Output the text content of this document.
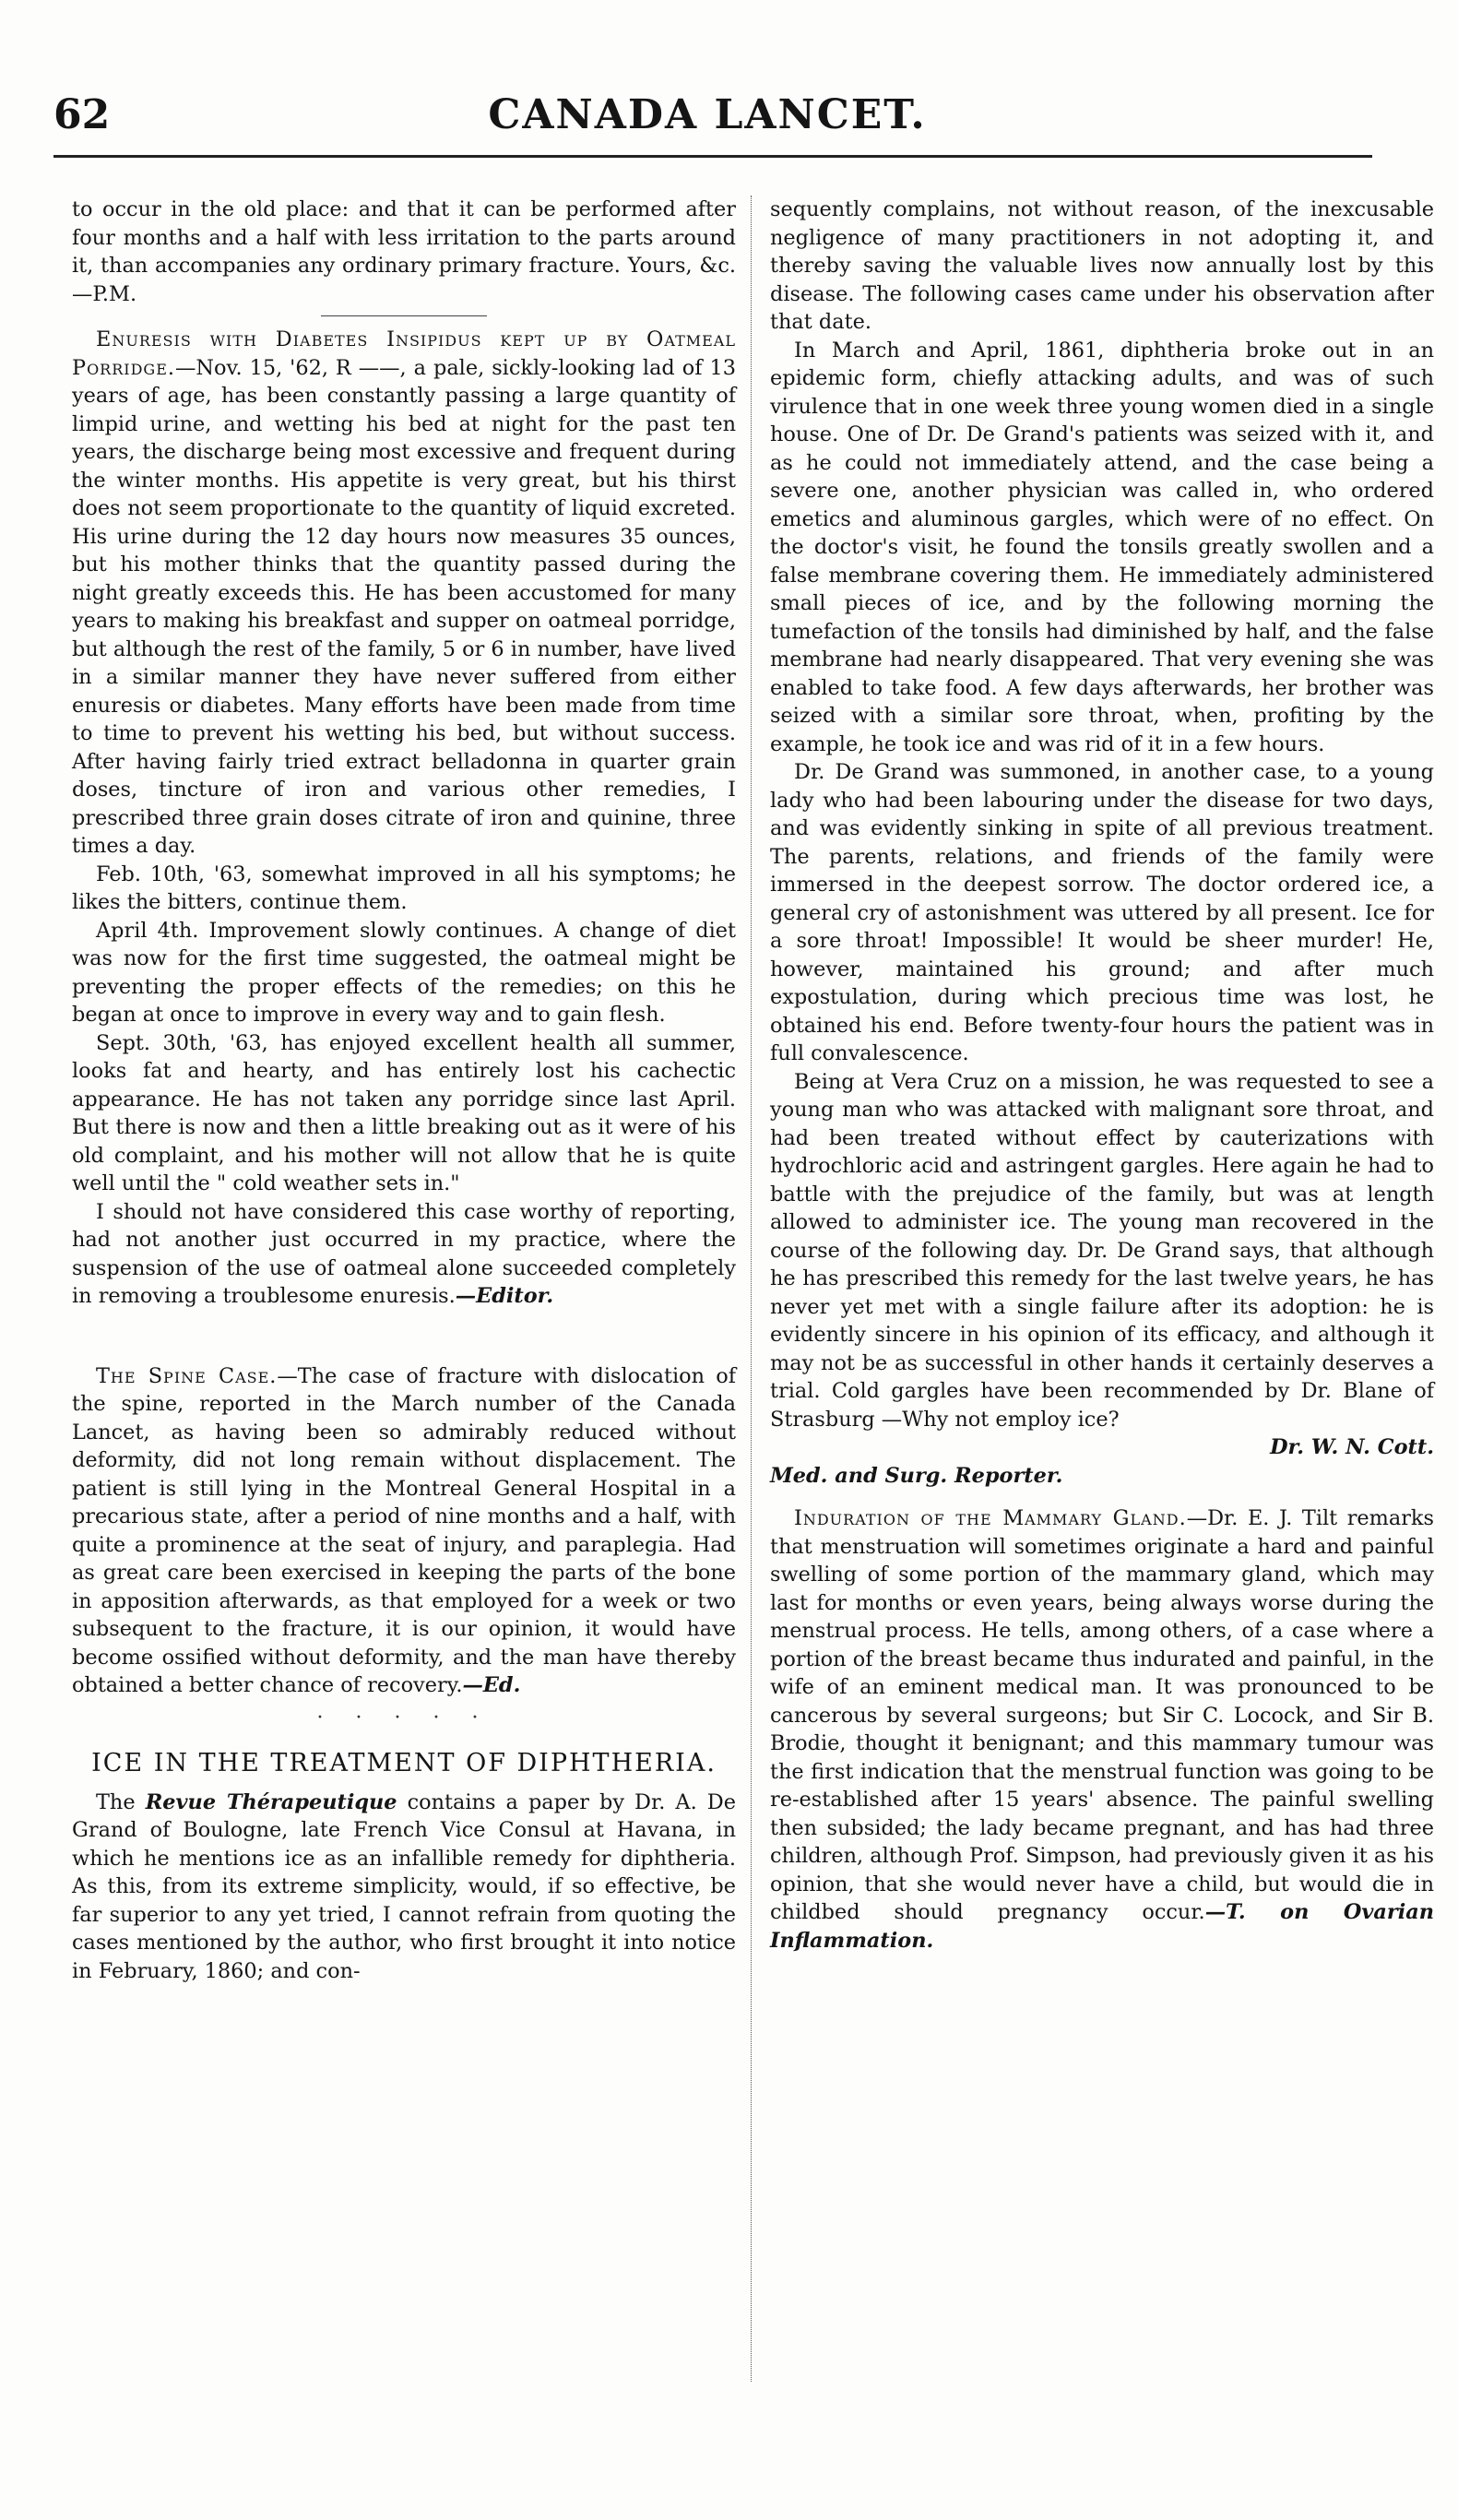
62	CANADA LANCET.

to occur in the old place: and that it can be performed after four months and a half with less irritation to the parts around it, than accompanies any ordinary primary fracture. Yours, &c.—P.M.

Enuresis with Diabetes Insipidus kept up by Oatmeal Porridge.—Nov. 15, '62, R ——, a pale, sickly-looking lad of 13 years of age, has been constantly passing a large quantity of limpid urine, and wetting his bed at night for the past ten years, the discharge being most excessive and frequent during the winter months. His appetite is very great, but his thirst does not seem proportionate to the quantity of liquid excreted. His urine during the 12 day hours now measures 35 ounces, but his mother thinks that the quantity passed during the night greatly exceeds this. He has been accustomed for many years to making his breakfast and supper on oatmeal porridge, but although the rest of the family, 5 or 6 in number, have lived in a similar manner they have never suffered from either enuresis or diabetes. Many efforts have been made from time to time to prevent his wetting his bed, but without success. After having fairly tried extract belladonna in quarter grain doses, tincture of iron and various other remedies, I prescribed three grain doses citrate of iron and quinine, three times a day.

Feb. 10th, '63, somewhat improved in all his symptoms; he likes the bitters, continue them.

April 4th. Improvement slowly continues. A change of diet was now for the first time suggested, the oatmeal might be preventing the proper effects of the remedies; on this he began at once to improve in every way and to gain flesh.

Sept. 30th, '63, has enjoyed excellent health all summer, looks fat and hearty, and has entirely lost his cachectic appearance. He has not taken any porridge since last April. But there is now and then a little breaking out as it were of his old complaint, and his mother will not allow that he is quite well until the " cold weather sets in."

I should not have considered this case worthy of reporting, had not another just occurred in my practice, where the suspension of the use of oatmeal alone succeeded completely in removing a troublesome enuresis.—Editor.

The Spine Case.—The case of fracture with dislocation of the spine, reported in the March number of the Canada Lancet, as having been so admirably reduced without deformity, did not long remain without displacement. The patient is still lying in the Montreal General Hospital in a precarious state, after a period of nine months and a half, with quite a prominence at the seat of injury, and paraplegia. Had as great care been exercised in keeping the parts of the bone in apposition afterwards, as that employed for a week or two subsequent to the fracture, it is our opinion, it would have become ossified without deformity, and the man have thereby obtained a better chance of recovery.—Ed.

· · · · ·
ICE IN THE TREATMENT OF DIPHTHERIA.

The Revue Thérapeutique contains a paper by Dr. A. De Grand of Boulogne, late French Vice Consul at Havana, in which he mentions ice as an infallible remedy for diphtheria. As this, from its extreme simplicity, would, if so effective, be far superior to any yet tried, I cannot refrain from quoting the cases mentioned by the author, who first brought it into notice in February, 1860; and con-

sequently complains, not without reason, of the inexcusable negligence of many practitioners in not adopting it, and thereby saving the valuable lives now annually lost by this disease. The following cases came under his observation after that date.

In March and April, 1861, diphtheria broke out in an epidemic form, chiefly attacking adults, and was of such virulence that in one week three young women died in a single house. One of Dr. De Grand's patients was seized with it, and as he could not immediately attend, and the case being a severe one, another physician was called in, who ordered emetics and aluminous gargles, which were of no effect. On the doctor's visit, he found the tonsils greatly swollen and a false membrane covering them. He immediately administered small pieces of ice, and by the following morning the tumefaction of the tonsils had diminished by half, and the false membrane had nearly disappeared. That very evening she was enabled to take food. A few days afterwards, her brother was seized with a similar sore throat, when, profiting by the example, he took ice and was rid of it in a few hours.

Dr. De Grand was summoned, in another case, to a young lady who had been labouring under the disease for two days, and was evidently sinking in spite of all previous treatment. The parents, relations, and friends of the family were immersed in the deepest sorrow. The doctor ordered ice, a general cry of astonishment was uttered by all present. Ice for a sore throat! Impossible! It would be sheer murder! He, however, maintained his ground; and after much expostulation, during which precious time was lost, he obtained his end. Before twenty-four hours the patient was in full convalescence.

Being at Vera Cruz on a mission, he was requested to see a young man who was attacked with malignant sore throat, and had been treated without effect by cauterizations with hydrochloric acid and astringent gargles. Here again he had to battle with the prejudice of the family, but was at length allowed to administer ice. The young man recovered in the course of the following day. Dr. De Grand says, that although he has prescribed this remedy for the last twelve years, he has never yet met with a single failure after its adoption: he is evidently sincere in his opinion of its efficacy, and although it may not be as successful in other hands it certainly deserves a trial. Cold gargles have been recommended by Dr. Blane of Strasburg —Why not employ ice?

Dr. W. N. Cott.

Med. and Surg. Reporter.

Induration of the Mammary Gland.—Dr. E. J. Tilt remarks that menstruation will sometimes originate a hard and painful swelling of some portion of the mammary gland, which may last for months or even years, being always worse during the menstrual process. He tells, among others, of a case where a portion of the breast became thus indurated and painful, in the wife of an eminent medical man. It was pronounced to be cancerous by several surgeons; but Sir C. Locock, and Sir B. Brodie, thought it benignant; and this mammary tumour was the first indication that the menstrual function was going to be re-established after 15 years' absence. The painful swelling then subsided; the lady became pregnant, and has had three children, although Prof. Simpson, had previously given it as his opinion, that she would never have a child, but would die in childbed should pregnancy occur.—T. on Ovarian Inflammation.
